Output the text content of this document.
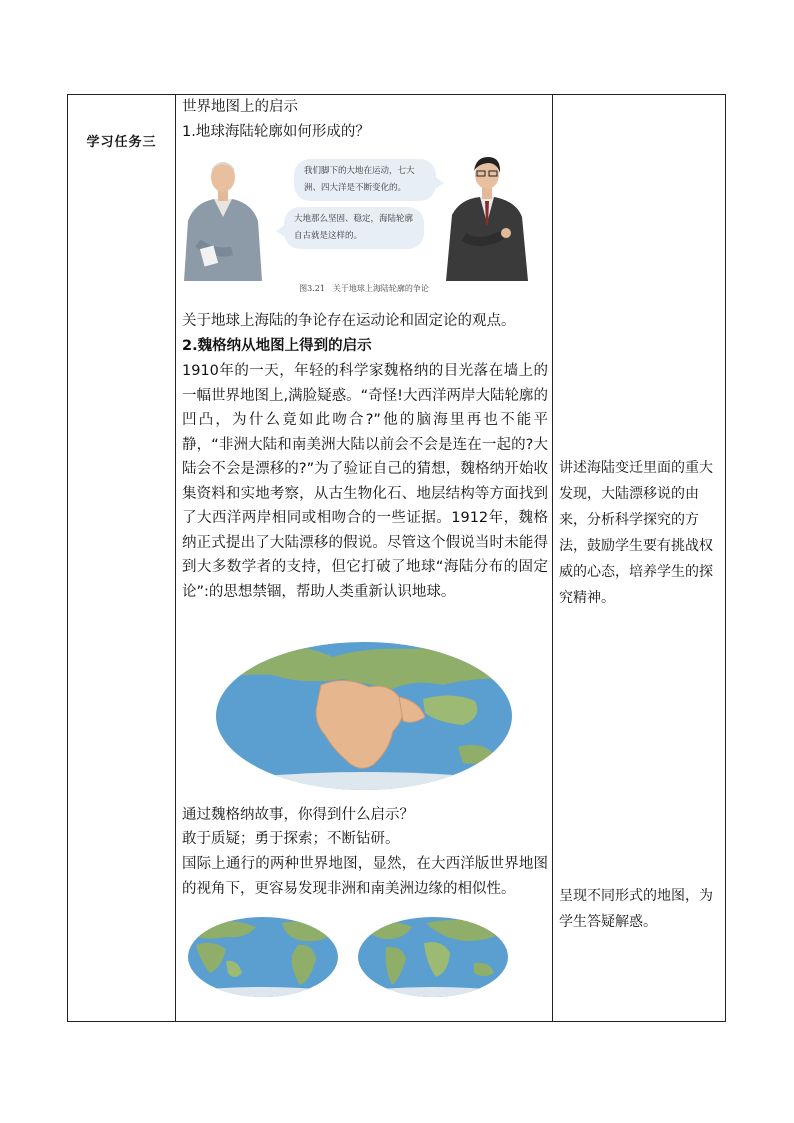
学习任务三

世界地图上的启示

1.地球海陆轮廓如何形成的？

我们脚下的大地在运动，七大洲、四大洋是不断变化的。
大地那么坚固、稳定，海陆轮廓自古就是这样的。
图3.21　关于地球上海陆轮廓的争论

关于地球上海陆的争论存在运动论和固定论的观点。

2.魏格纳从地图上得到的启示

1910年的一天，年轻的科学家魏格纳的目光落在墙上的一幅世界地图上,满脸疑惑。“奇怪!大西洋两岸大陆轮廓的凹凸，为什么竟如此吻合?”他的脑海里再也不能平静，“非洲大陆和南美洲大陆以前会不会是连在一起的?大陆会不会是漂移的?”为了验证自己的猜想，魏格纳开始收集资料和实地考察，从古生物化石、地层结构等方面找到了大西洋两岸相同或相吻合的一些证据。1912年，魏格纳正式提出了大陆漂移的假说。尽管这个假说当时未能得到大多数学者的支持，但它打破了地球“海陆分布的固定论”:的思想禁锢，帮助人类重新认识地球。

通过魏格纳故事，你得到什么启示？

敢于质疑；勇于探索；不断钻研。

国际上通行的两种世界地图，显然，在大西洋版世界地图的视角下，更容易发现非洲和南美洲边缘的相似性。

讲述海陆变迁里面的重大发现，大陆漂移说的由来，分析科学探究的方法，鼓励学生要有挑战权威的心态，培养学生的探究精神。

呈现不同形式的地图，为学生答疑解惑。
